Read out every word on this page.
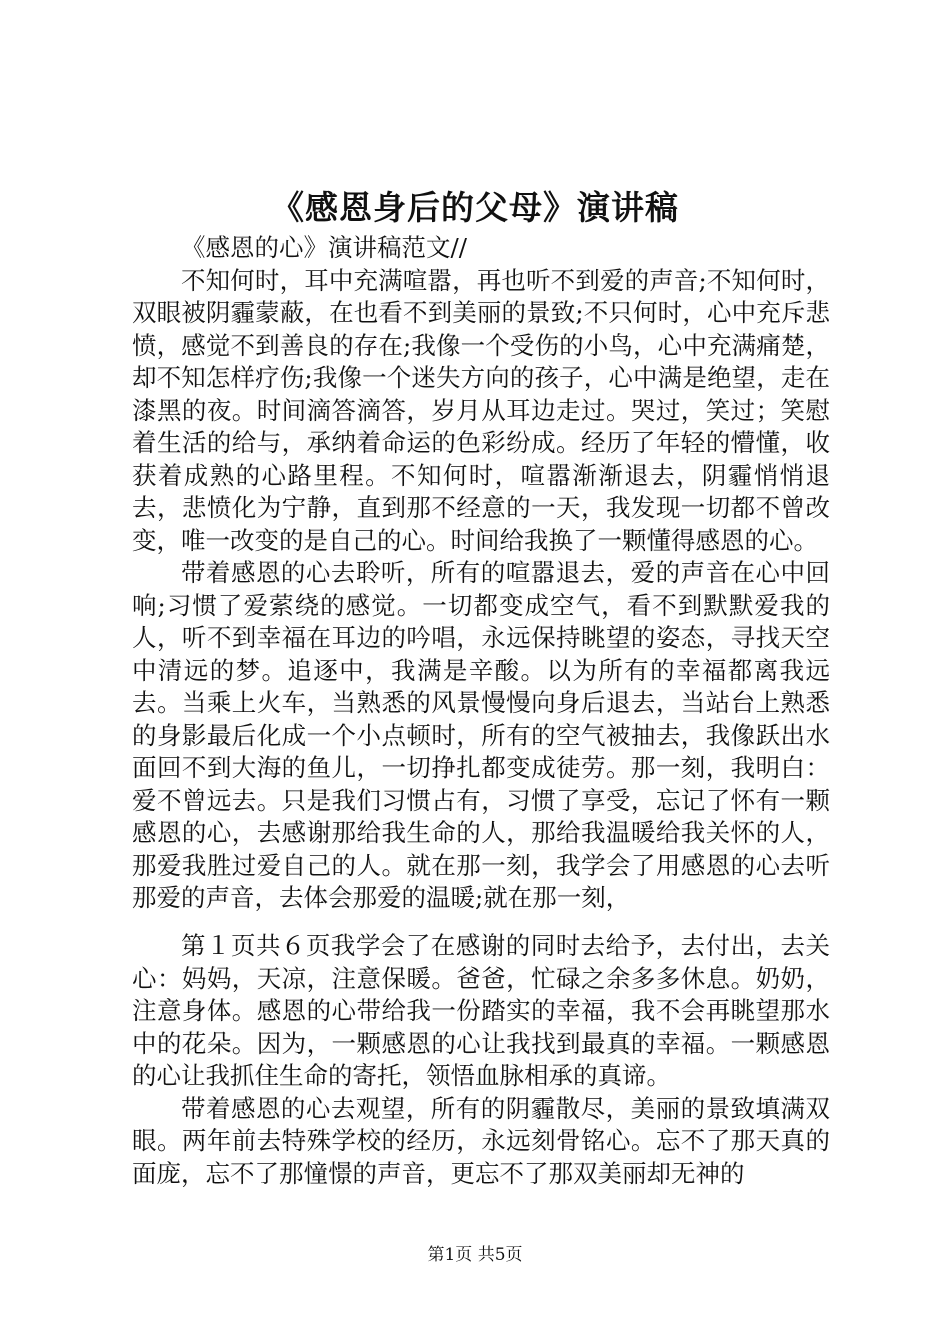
《感恩身后的父母》演讲稿

《感恩的心》演讲稿范文//

不知何时，耳中充满喧嚣，再也听不到爱的声音;不知何时，双眼被阴霾蒙蔽，在也看不到美丽的景致;不只何时，心中充斥悲愤，感觉不到善良的存在;我像一个受伤的小鸟，心中充满痛楚，却不知怎样疗伤;我像一个迷失方向的孩子，心中满是绝望，走在漆黑的夜。时间滴答滴答，岁月从耳边走过。哭过，笑过；笑慰着生活的给与，承纳着命运的色彩纷成。经历了年轻的懵懂，收获着成熟的心路里程。不知何时，喧嚣渐渐退去，阴霾悄悄退去，悲愤化为宁静，直到那不经意的一天，我发现一切都不曾改变，唯一改变的是自己的心。时间给我换了一颗懂得感恩的心。

带着感恩的心去聆听，所有的喧嚣退去，爱的声音在心中回响;习惯了爱萦绕的感觉。一切都变成空气，看不到默默爱我的人，听不到幸福在耳边的吟唱，永远保持眺望的姿态，寻找天空中清远的梦。追逐中，我满是辛酸。以为所有的幸福都离我远去。当乘上火车，当熟悉的风景慢慢向身后退去，当站台上熟悉的身影最后化成一个小点顿时，所有的空气被抽去，我像跃出水面回不到大海的鱼儿，一切挣扎都变成徒劳。那一刻，我明白：爱不曾远去。只是我们习惯占有，习惯了享受，忘记了怀有一颗感恩的心，去感谢那给我生命的人，那给我温暖给我关怀的人，那爱我胜过爱自己的人。就在那一刻，我学会了用感恩的心去听那爱的声音，去体会那爱的温暖;就在那一刻，

第１页共６页我学会了在感谢的同时去给予，去付出，去关心：妈妈，天凉，注意保暖。爸爸，忙碌之余多多休息。奶奶，注意身体。感恩的心带给我一份踏实的幸福，我不会再眺望那水中的花朵。因为，一颗感恩的心让我找到最真的幸福。一颗感恩的心让我抓住生命的寄托，领悟血脉相承的真谛。

带着感恩的心去观望，所有的阴霾散尽，美丽的景致填满双眼。两年前去特殊学校的经历，永远刻骨铭心。忘不了那天真的面庞，忘不了那憧憬的声音，更忘不了那双美丽却无神的

第1页 共5页
